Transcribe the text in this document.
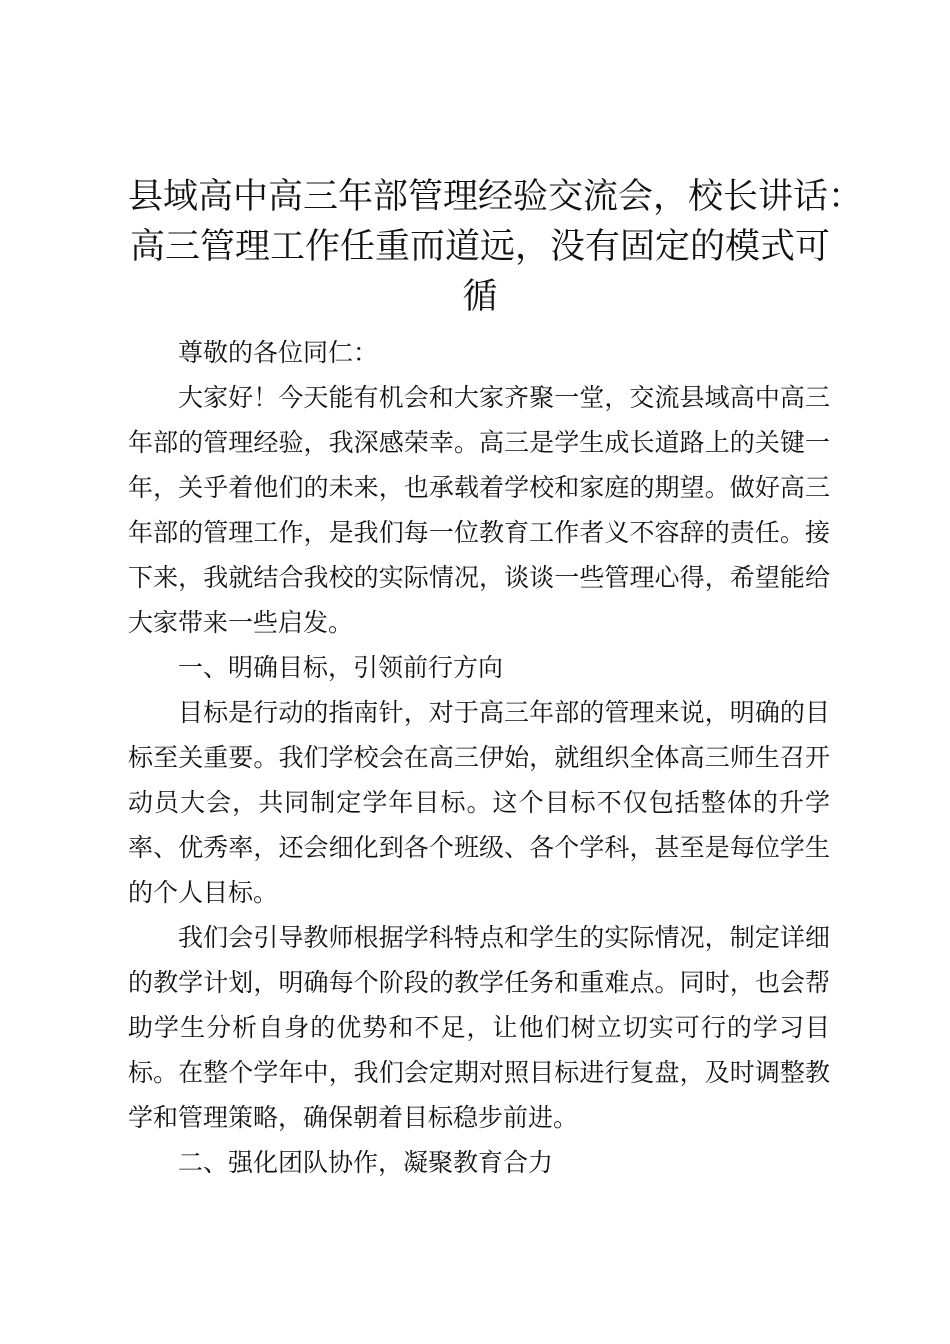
县域高中高三年部管理经验交流会，校长讲话：
高三管理工作任重而道远，没有固定的模式可
循

尊敬的各位同仁：

大家好！今天能有机会和大家齐聚一堂，交流县域高中高三年部的管理经验，我深感荣幸。高三是学生成长道路上的关键一年，关乎着他们的未来，也承载着学校和家庭的期望。做好高三年部的管理工作，是我们每一位教育工作者义不容辞的责任。接下来，我就结合我校的实际情况，谈谈一些管理心得，希望能给大家带来一些启发。

一、明确目标，引领前行方向

目标是行动的指南针，对于高三年部的管理来说，明确的目标至关重要。我们学校会在高三伊始，就组织全体高三师生召开动员大会，共同制定学年目标。这个目标不仅包括整体的升学率、优秀率，还会细化到各个班级、各个学科，甚至是每位学生的个人目标。

我们会引导教师根据学科特点和学生的实际情况，制定详细的教学计划，明确每个阶段的教学任务和重难点。同时，也会帮助学生分析自身的优势和不足，让他们树立切实可行的学习目标。在整个学年中，我们会定期对照目标进行复盘，及时调整教学和管理策略，确保朝着目标稳步前进。

二、强化团队协作，凝聚教育合力
